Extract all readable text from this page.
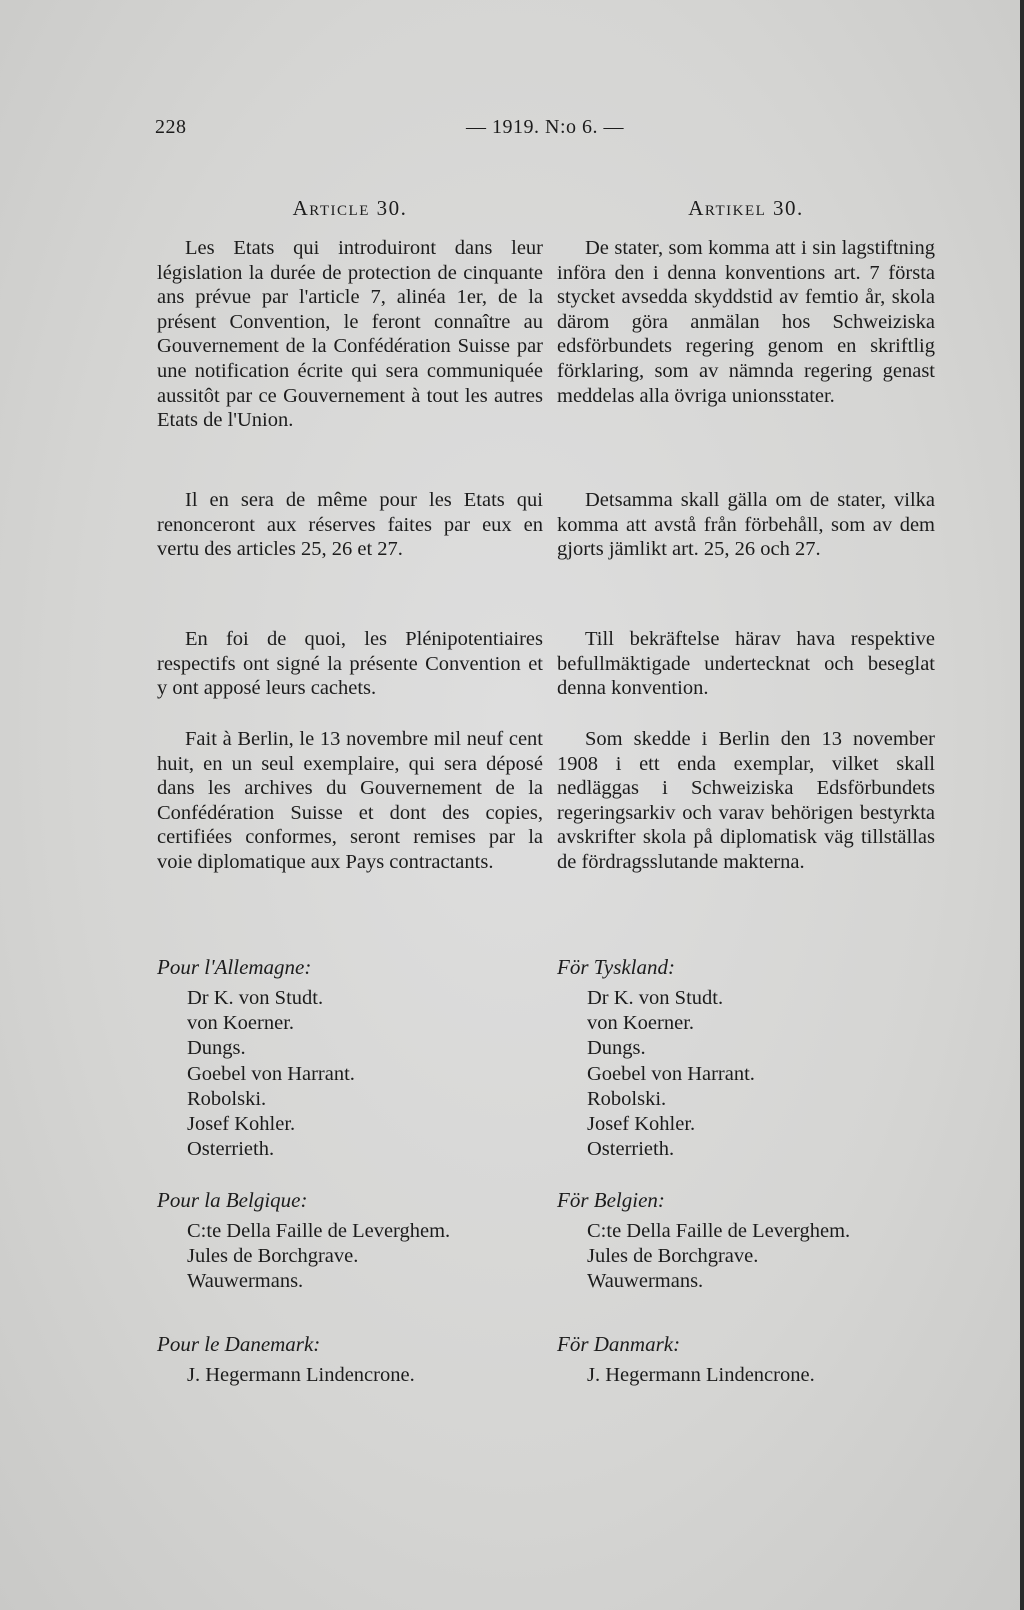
228	— 1919. N:o 6. —
Article 30.

Les Etats qui introduiront dans leur législation la durée de protection de cinquante ans prévue par l'article 7, alinéa 1er, de la présent Convention, le feront connaître au Gouvernement de la Confédération Suisse par une notification écrite qui sera communiquée aussitôt par ce Gouvernement à tout les autres Etats de l'Union.

Il en sera de même pour les Etats qui renonceront aux réserves faites par eux en vertu des articles 25, 26 et 27.

En foi de quoi, les Plénipotentiaires respectifs ont signé la présente Convention et y ont apposé leurs cachets.

Fait à Berlin, le 13 novembre mil neuf cent huit, en un seul exemplaire, qui sera déposé dans les archives du Gouvernement de la Confédération Suisse et dont des copies, certifiées conformes, seront remises par la voie diplomatique aux Pays contractants.

Pour l'Allemagne:

Dr K. von Studt.
von Koerner.
Dungs.
Goebel von Harrant.
Robolski.
Josef Kohler.
Osterrieth.

Pour la Belgique:

C:te Della Faille de Leverghem.
Jules de Borchgrave.
Wauwermans.

Pour le Danemark:

J. Hegermann Lindencrone.
Artikel 30.

De stater, som komma att i sin lagstiftning införa den i denna konventions art. 7 första stycket avsedda skyddstid av femtio år, skola därom göra anmälan hos Schweiziska edsförbundets regering genom en skriftlig förklaring, som av nämnda regering genast meddelas alla övriga unionsstater.

Detsamma skall gälla om de stater, vilka komma att avstå från förbehåll, som av dem gjorts jämlikt art. 25, 26 och 27.

Till bekräftelse härav hava respektive befullmäktigade undertecknat och beseglat denna konvention.

Som skedde i Berlin den 13 november 1908 i ett enda exemplar, vilket skall nedläggas i Schweiziska Edsförbundets regeringsarkiv och varav behörigen bestyrkta avskrifter skola på diplomatisk väg tillställas de fördragsslutande makterna.

För Tyskland:

Dr K. von Studt.
von Koerner.
Dungs.
Goebel von Harrant.
Robolski.
Josef Kohler.
Osterrieth.

För Belgien:

C:te Della Faille de Leverghem.
Jules de Borchgrave.
Wauwermans.

För Danmark:

J. Hegermann Lindencrone.
